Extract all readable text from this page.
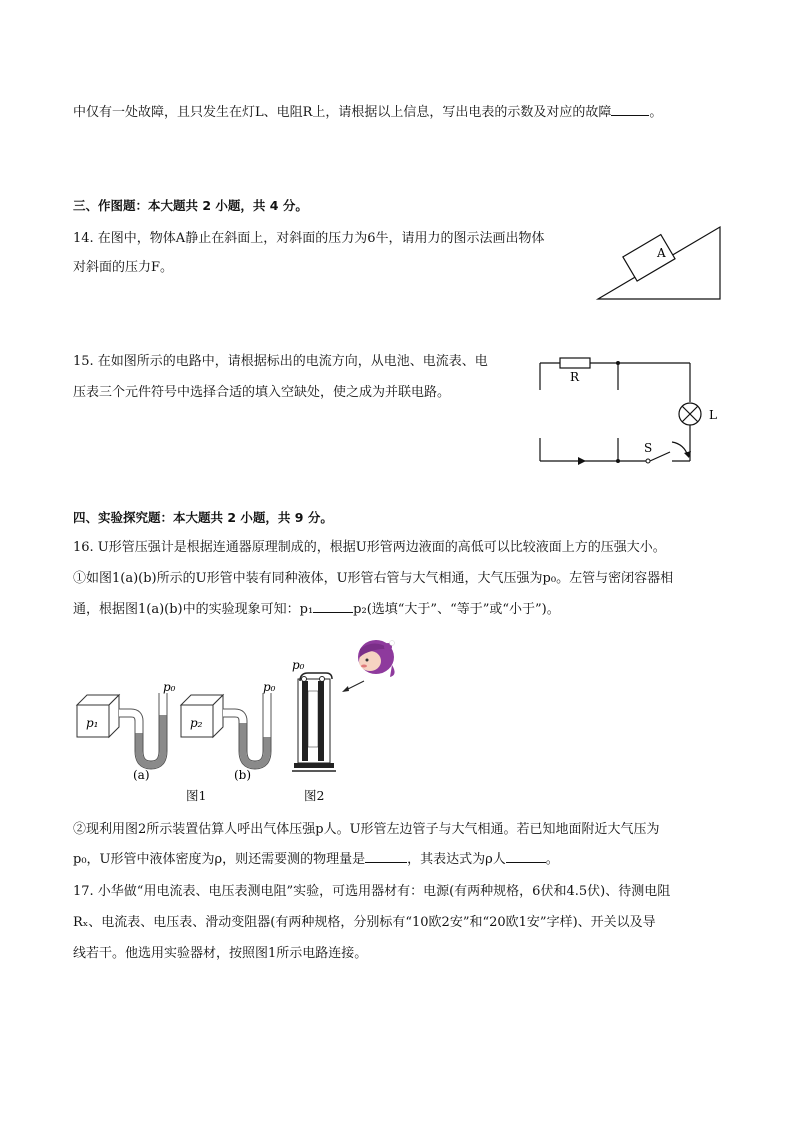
中仅有一处故障，且只发生在灯L、电阻R上，请根据以上信息，写出电表的示数及对应的故障	。
三、作图题：本大题共 2 小题，共 4 分。
14. 在图中，物体A静止在斜面上，对斜面的压力为6牛，请用力的图示法画出物体
对斜面的压力F。
A
15. 在如图所示的电路中，请根据标出的电流方向，从电池、电流表、电
压表三个元件符号中选择合适的填入空缺处，使之成为并联电路。
R
L
S
四、实验探究题：本大题共 2 小题，共 9 分。
16. U形管压强计是根据连通器原理制成的，根据U形管两边液面的高低可以比较液面上方的压强大小。
①如图1(a)(b)所示的U形管中装有同种液体，U形管右管与大气相通，大气压强为p₀。左管与密闭容器相
通，根据图1(a)(b)中的实验现象可知：p₁	p₂(选填“大于”、“等于”或“小于”)。
p₁	p₂
p₀	p₀
(a)	(b)
图1
p₀
图2
②现利用图2所示装置估算人呼出气体压强p人。U形管左边管子与大气相通。若已知地面附近大气压为
p₀，U形管中液体密度为ρ，则还需要测的物理量是	，其表达式为ρ人	。
17. 小华做“用电流表、电压表测电阻”实验，可选用器材有：电源(有两种规格，6伏和4.5伏)、待测电阻
Rₓ、电流表、电压表、滑动变阻器(有两种规格，分别标有“10欧2安”和“20欧1安”字样)、开关以及导
线若干。他选用实验器材，按照图1所示电路连接。
